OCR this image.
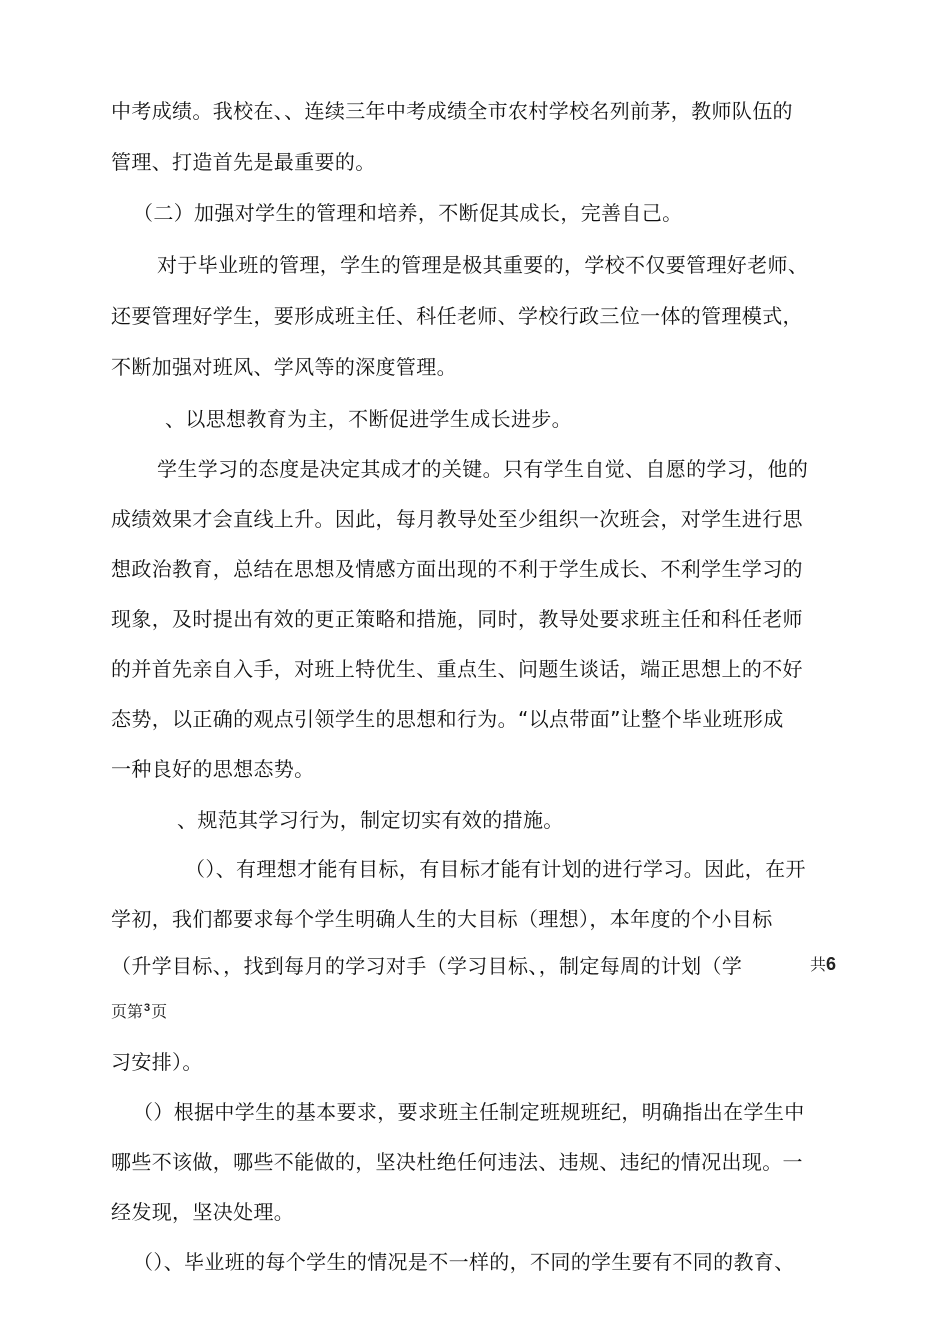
中考成绩。我校在、、连续三年中考成绩全市农村学校名列前茅，教师队伍的
管理、打造首先是最重要的。
（二）加强对学生的管理和培养，不断促其成长，完善自己。
对于毕业班的管理，学生的管理是极其重要的，学校不仅要管理好老师、
还要管理好学生，要形成班主任、科任老师、学校行政三位一体的管理模式，
不断加强对班风、学风等的深度管理。
、以思想教育为主，不断促进学生成长进步。
学生学习的态度是决定其成才的关键。只有学生自觉、自愿的学习，他的
成绩效果才会直线上升。因此，每月教导处至少组织一次班会，对学生进行思
想政治教育，总结在思想及情感方面出现的不利于学生成长、不利学生学习的
现象，及时提出有效的更正策略和措施，同时，教导处要求班主任和科任老师
的并首先亲自入手，对班上特优生、重点生、问题生谈话，端正思想上的不好
态势，以正确的观点引领学生的思想和行为。“以点带面”让整个毕业班形成
一种良好的思想态势。
、规范其学习行为，制定切实有效的措施。
（）、有理想才能有目标，有目标才能有计划的进行学习。因此，在开
学初，我们都要求每个学生明确人生的大目标（理想），本年度的个小目标
（升学目标、，找到每月的学习对手（学习目标、，制定每周的计划（学	共6
页第$^3$页
习安排）。
（）根据中学生的基本要求，要求班主任制定班规班纪，明确指出在学生中
哪些不该做，哪些不能做的，坚决杜绝任何违法、违规、违纪的情况出现。一
经发现，坚决处理。
（）、毕业班的每个学生的情况是不一样的，不同的学生要有不同的教育、
